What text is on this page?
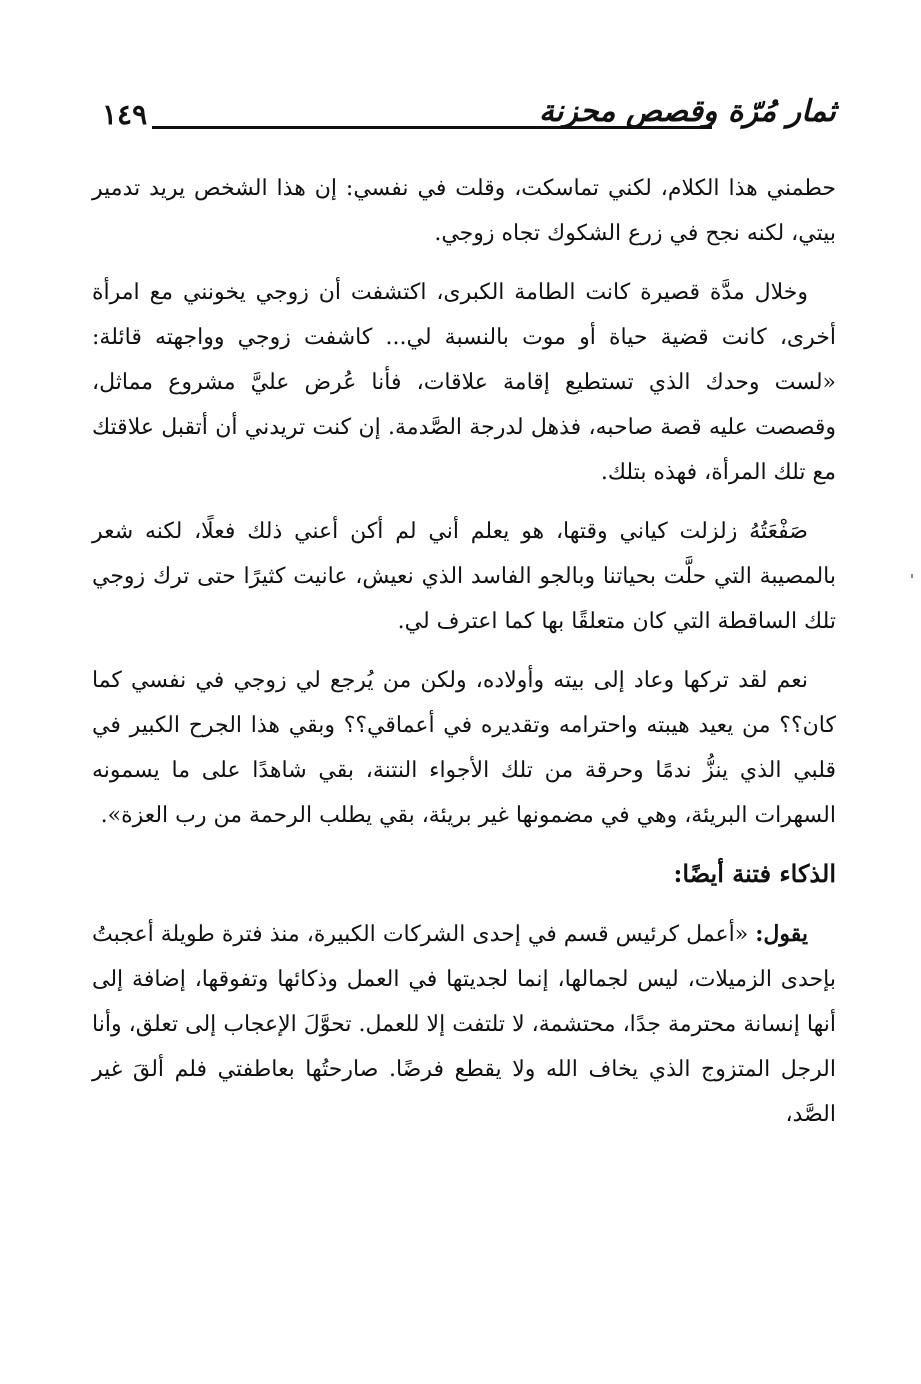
١٤٩	ثمار مُرّة وقصص محزنة

حطمني هذا الكلام، لكني تماسكت، وقلت في نفسي: إن هذا الشخص يريد تدمير بيتي، لكنه نجح في زرع الشكوك تجاه زوجي.

وخلال مدَّة قصيرة كانت الطامة الكبرى، اكتشفت أن زوجي يخونني مع امرأة أخرى، كانت قضية حياة أو موت بالنسبة لي... كاشفت زوجي وواجهته قائلة: «لست وحدك الذي تستطيع إقامة علاقات، فأنا عُرض عليَّ مشروع مماثل، وقصصت عليه قصة صاحبه، فذهل لدرجة الصَّدمة. إن كنت تريدني أن أتقبل علاقتك مع تلك المرأة، فهذه بتلك.

صَفْعَتُهُ زلزلت كياني وقتها، هو يعلم أني لم أكن أعني ذلك فعلًا، لكنه شعر بالمصيبة التي حلَّت بحياتنا وبالجو الفاسد الذي نعيش، عانيت كثيرًا حتى ترك زوجي تلك الساقطة التي كان متعلقًا بها كما اعترف لي.

نعم لقد تركها وعاد إلى بيته وأولاده، ولكن من يُرجع لي زوجي في نفسي كما كان؟؟ من يعيد هيبته واحترامه وتقديره في أعماقي؟؟ وبقي هذا الجرح الكبير في قلبي الذي ينزُّ ندمًا وحرقة من تلك الأجواء النتنة، بقي شاهدًا على ما يسمونه السهرات البريئة، وهي في مضمونها غير بريئة، بقي يطلب الرحمة من رب العزة».

الذكاء فتنة أيضًا:

يقول: «أعمل كرئيس قسم في إحدى الشركات الكبيرة، منذ فترة طويلة أعجبتُ بإحدى الزميلات، ليس لجمالها، إنما لجديتها في العمل وذكائها وتفوقها، إضافة إلى أنها إنسانة محترمة جدًا، محتشمة، لا تلتفت إلا للعمل. تحوَّلَ الإعجاب إلى تعلق، وأنا الرجل المتزوج الذي يخاف الله ولا يقطع فرضًا. صارحتُها بعاطفتي فلم ألقَ غير الصَّد،
